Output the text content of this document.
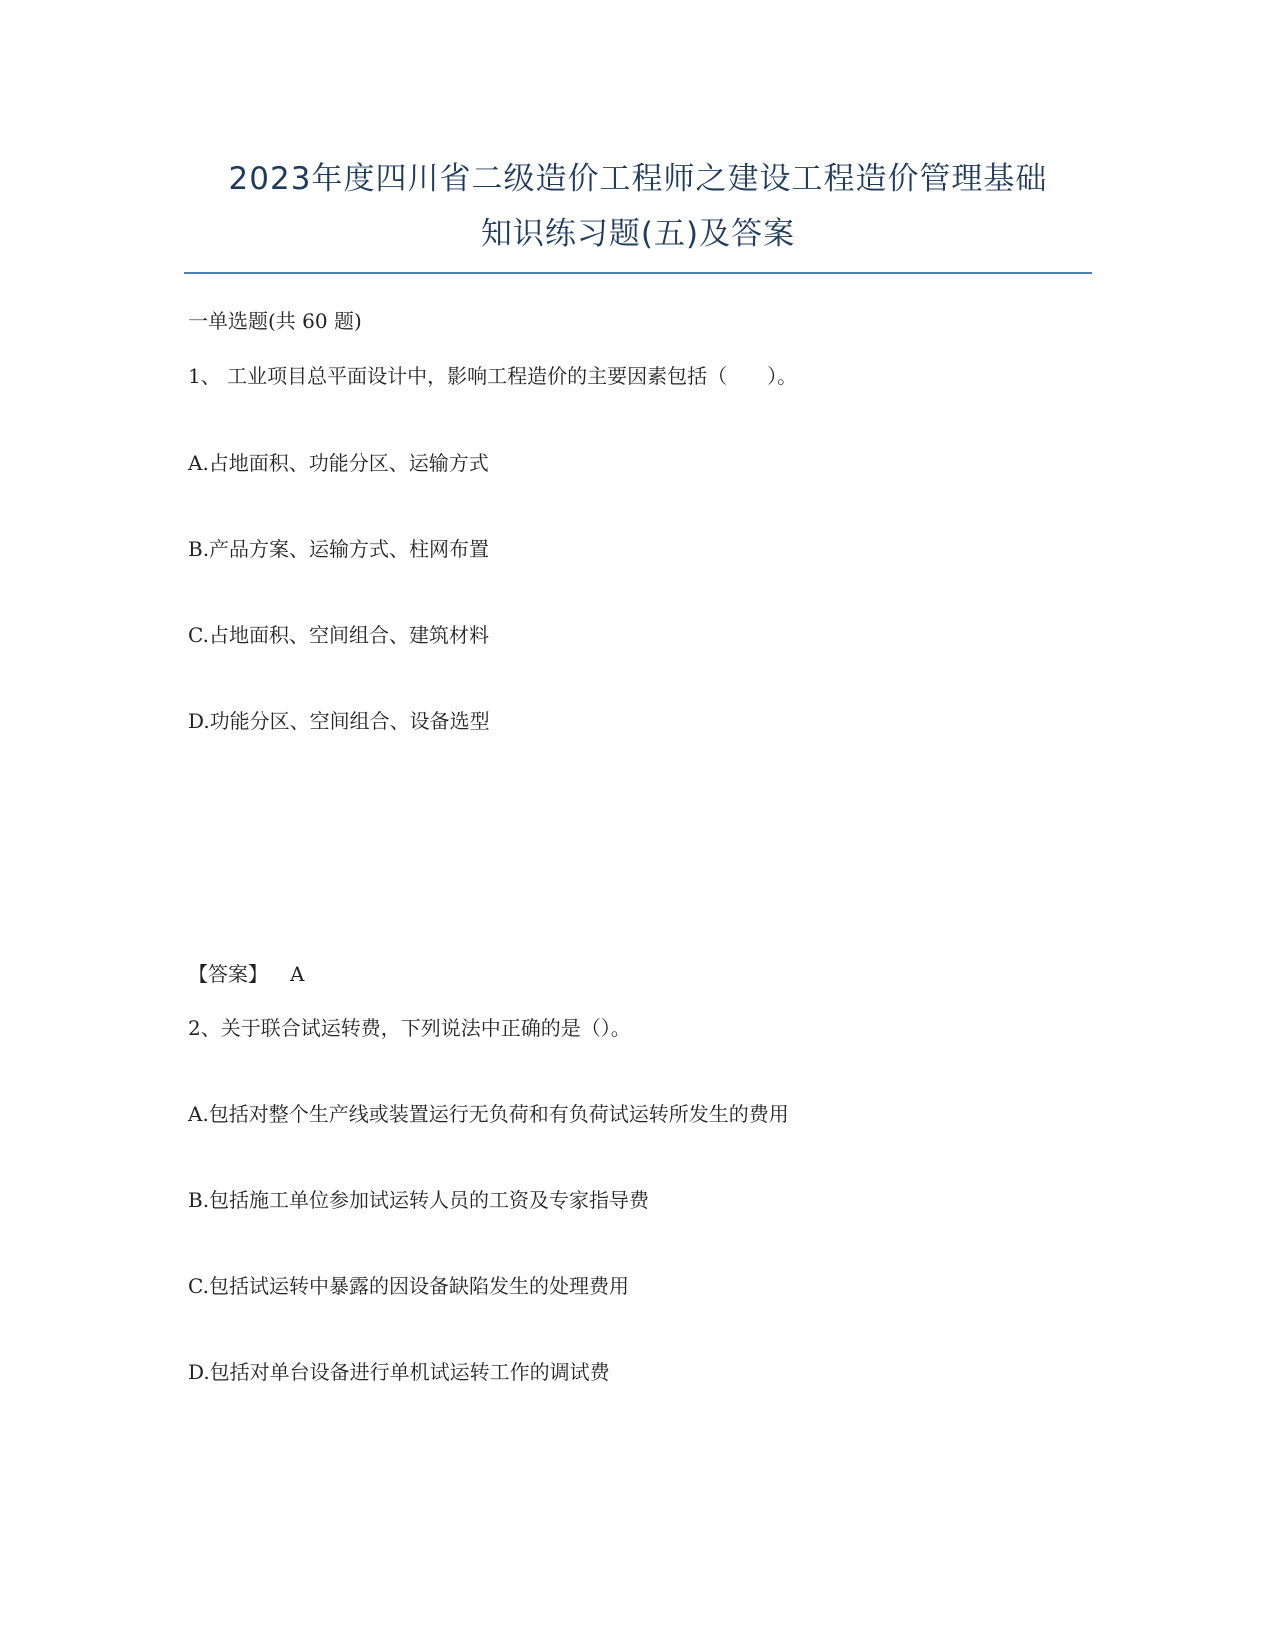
2023年度四川省二级造价工程师之建设工程造价管理基础
知识练习题(五)及答案
一单选题(共 60 题)
1、 工业项目总平面设计中，影响工程造价的主要因素包括（　　）。
A.占地面积、功能分区、运输方式
B.产品方案、运输方式、柱网布置
C.占地面积、空间组合、建筑材料
D.功能分区、空间组合、设备选型
【答案】 A
2、关于联合试运转费，下列说法中正确的是（）。
A.包括对整个生产线或装置运行无负荷和有负荷试运转所发生的费用
B.包括施工单位参加试运转人员的工资及专家指导费
C.包括试运转中暴露的因设备缺陷发生的处理费用
D.包括对单台设备进行单机试运转工作的调试费
